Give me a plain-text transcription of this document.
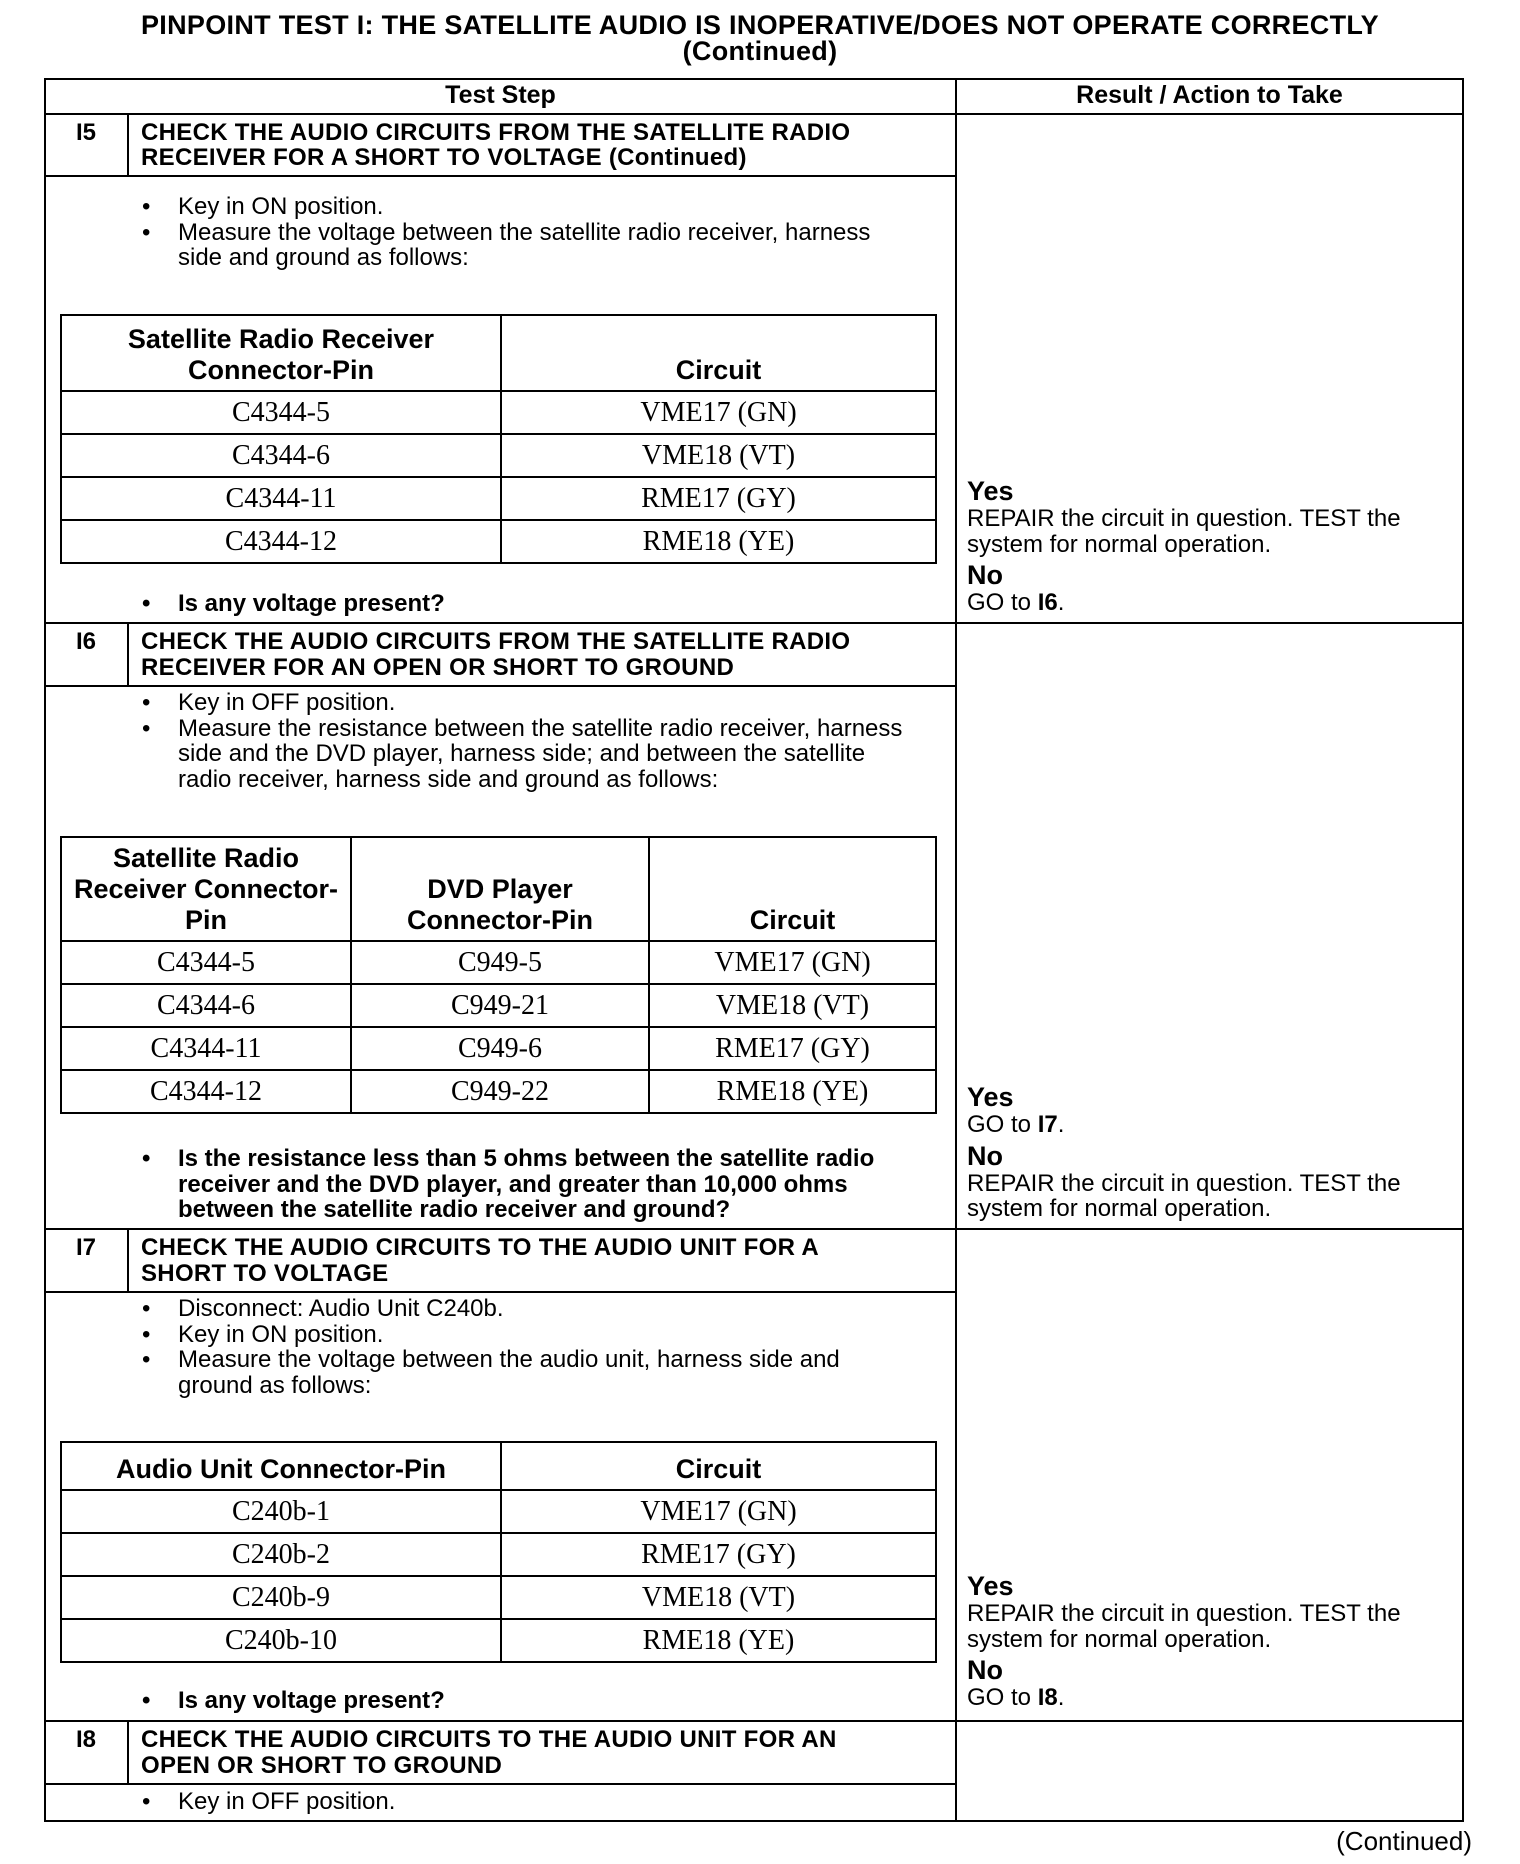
PINPOINT TEST I: THE SATELLITE AUDIO IS INOPERATIVE/DOES NOT OPERATE CORRECTLY
(Continued)
Test Step	Result / Action to Take
I5 CHECK THE AUDIO CIRCUITS FROM THE SATELLITE RADIO
RECEIVER FOR A SHORT TO VOLTAGE (Continued)
• Key in ON position.
• Measure the voltage between the satellite radio receiver, harness side and ground as follows:
Satellite Radio Receiver Connector-Pin	Circuit
C4344-5	VME17 (GN)
C4344-6	VME18 (VT)
C4344-11	RME17 (GY)
C4344-12	RME18 (YE)
• Is any voltage present?
Yes
REPAIR the circuit in question. TEST the system for normal operation.
No
GO to I6.
I6 CHECK THE AUDIO CIRCUITS FROM THE SATELLITE RADIO
RECEIVER FOR AN OPEN OR SHORT TO GROUND
• Key in OFF position.
• Measure the resistance between the satellite radio receiver, harness side and the DVD player, harness side; and between the satellite radio receiver, harness side and ground as follows:
Satellite Radio Receiver Connector-Pin	DVD Player Connector-Pin	Circuit
C4344-5	C949-5	VME17 (GN)
C4344-6	C949-21	VME18 (VT)
C4344-11	C949-6	RME17 (GY)
C4344-12	C949-22	RME18 (YE)
• Is the resistance less than 5 ohms between the satellite radio receiver and the DVD player, and greater than 10,000 ohms between the satellite radio receiver and ground?
Yes
GO to I7.
No
REPAIR the circuit in question. TEST the system for normal operation.
I7 CHECK THE AUDIO CIRCUITS TO THE AUDIO UNIT FOR A
SHORT TO VOLTAGE
• Disconnect: Audio Unit C240b.
• Key in ON position.
• Measure the voltage between the audio unit, harness side and ground as follows:
Audio Unit Connector-Pin	Circuit
C240b-1	VME17 (GN)
C240b-2	RME17 (GY)
C240b-9	VME18 (VT)
C240b-10	RME18 (YE)
• Is any voltage present?
Yes
REPAIR the circuit in question. TEST the system for normal operation.
No
GO to I8.
I8 CHECK THE AUDIO CIRCUITS TO THE AUDIO UNIT FOR AN
OPEN OR SHORT TO GROUND
• Key in OFF position.
(Continued)
